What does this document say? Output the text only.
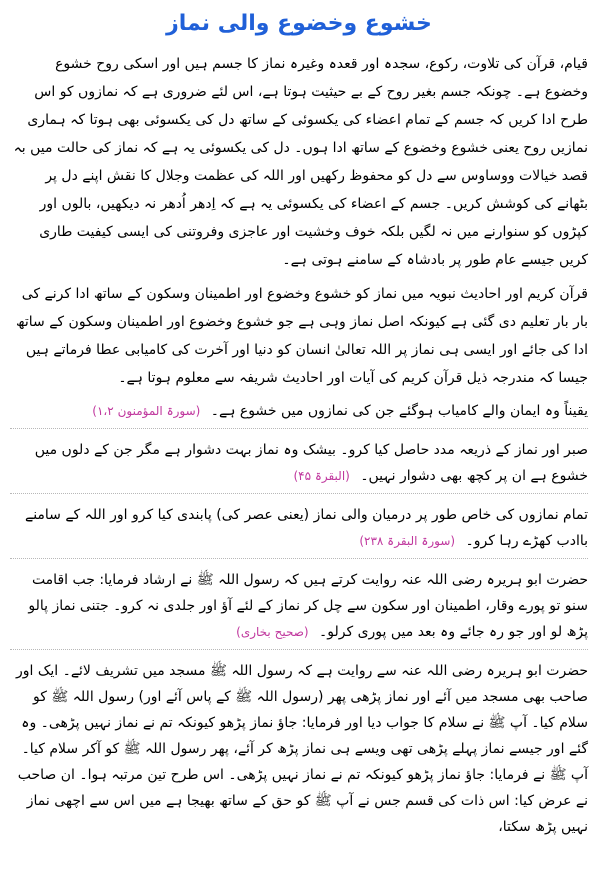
خشوع وخضوع والی نماز

قیام، قرآن کی تلاوت، رکوع، سجدہ اور قعدہ وغیرہ نماز کا جسم ہیں اور اسکی روح خشوع وخضوع ہے۔ چونکہ جسم بغیر روح کے بے حیثیت ہوتا ہے، اس لئے ضروری ہے کہ نمازوں کو اس طرح ادا کریں کہ جسم کے تمام اعضاء کی یکسوئی کے ساتھ دل کی یکسوئی بھی ہوتا کہ ہماری نمازیں روح یعنی خشوع وخضوع کے ساتھ ادا ہوں۔ دل کی یکسوئی یہ ہے کہ نماز کی حالت میں بہ قصد خیالات ووساوس سے دل کو محفوظ رکھیں اور اللہ کی عظمت وجلال کا نقش اپنے دل پر بٹھانے کی کوشش کریں۔ جسم کے اعضاء کی یکسوئی یہ ہے کہ اِدھر اُدھر نہ دیکھیں، بالوں اور کپڑوں کو سنوارنے میں نہ لگیں بلکہ خوف وخشیت اور عاجزی وفروتنی کی ایسی کیفیت طاری کریں جیسے عام طور پر بادشاہ کے سامنے ہوتی ہے۔

قرآن کریم اور احادیث نبویہ میں نماز کو خشوع وخضوع اور اطمینان وسکون کے ساتھ ادا کرنے کی بار بار تعلیم دی گئی ہے کیونکہ اصل نماز وہی ہے جو خشوع وخضوع اور اطمینان وسکون کے ساتھ ادا کی جائے اور ایسی ہی نماز پر اللہ تعالیٰ انسان کو دنیا اور آخرت کی کامیابی عطا فرماتے ہیں جیسا کہ مندرجہ ذیل قرآن کریم کی آیات اور احادیث شریفہ سے معلوم ہوتا ہے۔

یقیناً وہ ایمان والے کامیاب ہوگئے جن کی نمازوں میں خشوع ہے۔ (سورۃ المؤمنون ۱،۲)
صبر اور نماز کے ذریعہ مدد حاصل کیا کرو۔ بیشک وہ نماز بہت دشوار ہے مگر جن کے دلوں میں خشوع ہے ان پر کچھ بھی دشوار نہیں۔ (البقرۃ ۴۵)
تمام نمازوں کی خاص طور پر درمیان والی نماز (یعنی عصر کی) پابندی کیا کرو اور اللہ کے سامنے باادب کھڑے رہا کرو۔ (سورۃ البقرۃ ۲۳۸)
حضرت ابو ہریرہ رضی اللہ عنہ روایت کرتے ہیں کہ رسول اللہ ﷺ نے ارشاد فرمایا: جب اقامت سنو تو پورے وقار، اطمینان اور سکون سے چل کر نماز کے لئے آؤ اور جلدی نہ کرو۔ جتنی نماز پالو پڑھ لو اور جو رہ جائے وہ بعد میں پوری کرلو۔ (صحیح بخاری)
حضرت ابو ہریرہ رضی اللہ عنہ سے روایت ہے کہ رسول اللہ ﷺ مسجد میں تشریف لائے۔ ایک اور صاحب بھی مسجد میں آئے اور نماز پڑھی پھر (رسول اللہ ﷺ کے پاس آئے اور) رسول اللہ ﷺ کو سلام کیا۔ آپ ﷺ نے سلام کا جواب دیا اور فرمایا: جاؤ نماز پڑھو کیونکہ تم نے نماز نہیں پڑھی۔ وہ گئے اور جیسے نماز پہلے پڑھی تھی ویسے ہی نماز پڑھ کر آئے، پھر رسول اللہ ﷺ کو آکر سلام کیا۔ آپ ﷺ نے فرمایا: جاؤ نماز پڑھو کیونکہ تم نے نماز نہیں پڑھی۔ اس طرح تین مرتبہ ہوا۔ ان صاحب نے عرض کیا: اس ذات کی قسم جس نے آپ ﷺ کو حق کے ساتھ بھیجا ہے میں اس سے اچھی نماز نہیں پڑھ سکتا،
